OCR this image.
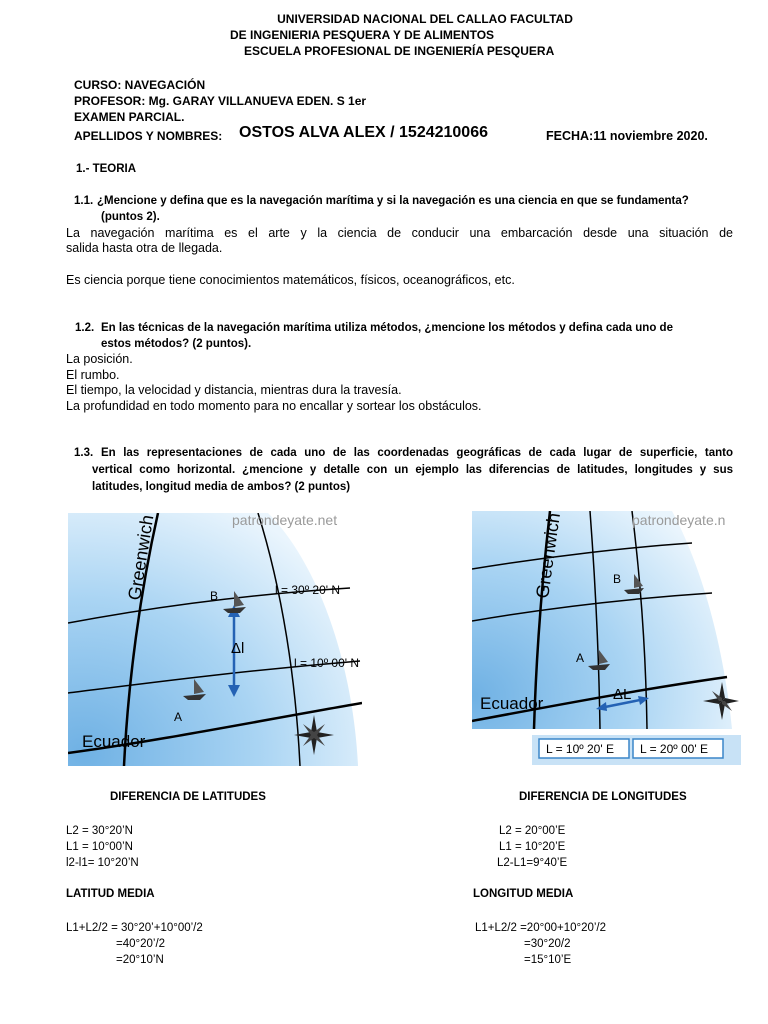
UNIVERSIDAD NACIONAL DEL CALLAO FACULTAD
DE INGENIERIA PESQUERA Y DE ALIMENTOS
ESCUELA PROFESIONAL DE INGENIERÍA PESQUERA
CURSO: NAVEGACIÓN
PROFESOR: Mg. GARAY VILLANUEVA EDEN. S 1er
EXAMEN PARCIAL.
APELLIDOS Y NOMBRES: OSTOS ALVA ALEX / 1524210066	FECHA:11 noviembre 2020.
1.- TEORIA
1.1. ¿Mencione y defina que es la navegación marítima y si la navegación es una ciencia en que se fundamenta?
(puntos 2).
La navegación marítima es el arte y la ciencia de conducir una embarcación desde una situación de
salida hasta otra de llegada.
Es ciencia porque tiene conocimientos matemáticos, físicos, oceanográficos, etc.
1.2. En las técnicas de la navegación marítima utiliza métodos, ¿mencione los métodos y defina cada uno de
estos métodos? (2 puntos).
La posición.
El rumbo.
El tiempo, la velocidad y distancia, mientras dura la travesía.
La profundidad en todo momento para no encallar y sortear los obstáculos.
1.3. En las representaciones de cada uno de las coordenadas geográficas de cada lugar de superficie, tanto
vertical como horizontal. ¿mencione y detalle con un ejemplo las diferencias de latitudes, longitudes y sus
latitudes, longitud media de ambos? (2 puntos)
patrondeyate.net
Greenwich	B
A
l = 30º 20' N
l = 10º 00' N
Δl
Ecuador
patrondeyate.n
Greenwich	B
A
ΔL
Ecuador
L = 10º 20' E L = 20º 00' E
DIFERENCIA DE LATITUDES
L2 = 30°20’N
L1 = 10°00’N
l2-l1= 10°20’N
DIFERENCIA DE LONGITUDES
L2 = 20°00’E
L1 = 10°20’E
L2-L1=9°40’E
LATITUD MEDIA
L1+L2/2 = 30°20’+10°00’/2
=40°20’/2
=20°10’N
LONGITUD MEDIA
L1+L2/2 =20°00+10°20’/2
=30°20/2
=15°10’E
